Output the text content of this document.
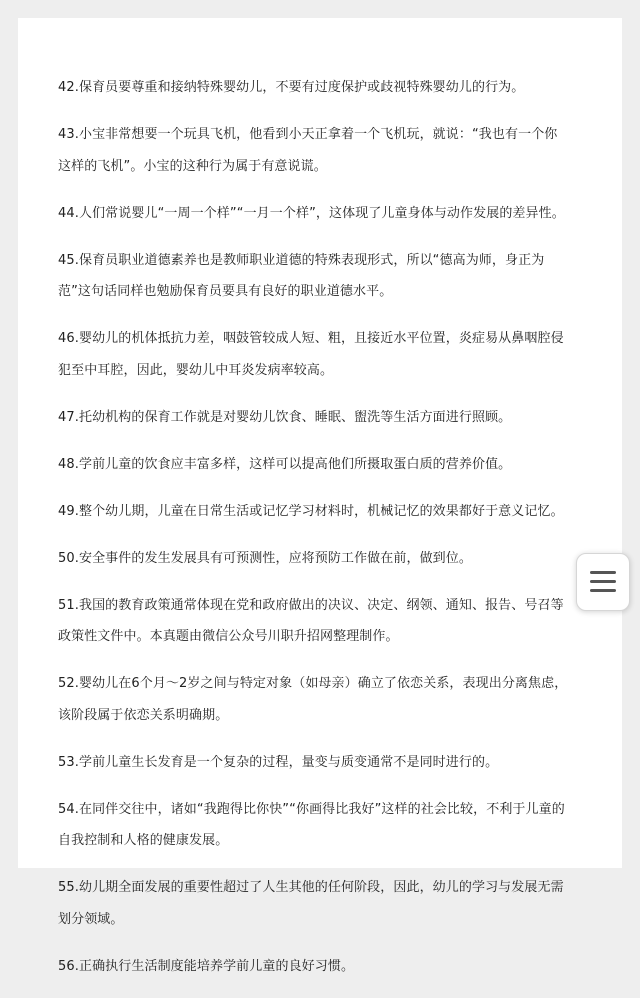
42.保育员要尊重和接纳特殊婴幼儿，不要有过度保护或歧视特殊婴幼儿的行为。

43.小宝非常想要一个玩具飞机，他看到小天正拿着一个飞机玩，就说：“我也有一个你这样的飞机”。小宝的这种行为属于有意说谎。

44.人们常说婴儿“一周一个样”“一月一个样”，这体现了儿童身体与动作发展的差异性。

45.保育员职业道德素养也是教师职业道德的特殊表现形式，所以“德高为师，身正为范”这句话同样也勉励保育员要具有良好的职业道德水平。

46.婴幼儿的机体抵抗力差，咽鼓管较成人短、粗，且接近水平位置，炎症易从鼻咽腔侵犯至中耳腔，因此，婴幼儿中耳炎发病率较高。

47.托幼机构的保育工作就是对婴幼儿饮食、睡眠、盥洗等生活方面进行照顾。

48.学前儿童的饮食应丰富多样，这样可以提高他们所摄取蛋白质的营养价值。

49.整个幼儿期，儿童在日常生活或记忆学习材料时，机械记忆的效果都好于意义记忆。

50.安全事件的发生发展具有可预测性，应将预防工作做在前，做到位。

51.我国的教育政策通常体现在党和政府做出的决议、决定、纲领、通知、报告、号召等政策性文件中。本真题由微信公众号川职升招网整理制作。

52.婴幼儿在6个月～2岁之间与特定对象（如母亲）确立了依恋关系，表现出分离焦虑，该阶段属于依恋关系明确期。

53.学前儿童生长发育是一个复杂的过程，量变与质变通常不是同时进行的。

54.在同伴交往中，诸如“我跑得比你快”“你画得比我好”这样的社会比较，不利于儿童的自我控制和人格的健康发展。

55.幼儿期全面发展的重要性超过了人生其他的任何阶段，因此，幼儿的学习与发展无需划分领域。

56.正确执行生活制度能培养学前儿童的良好习惯。
